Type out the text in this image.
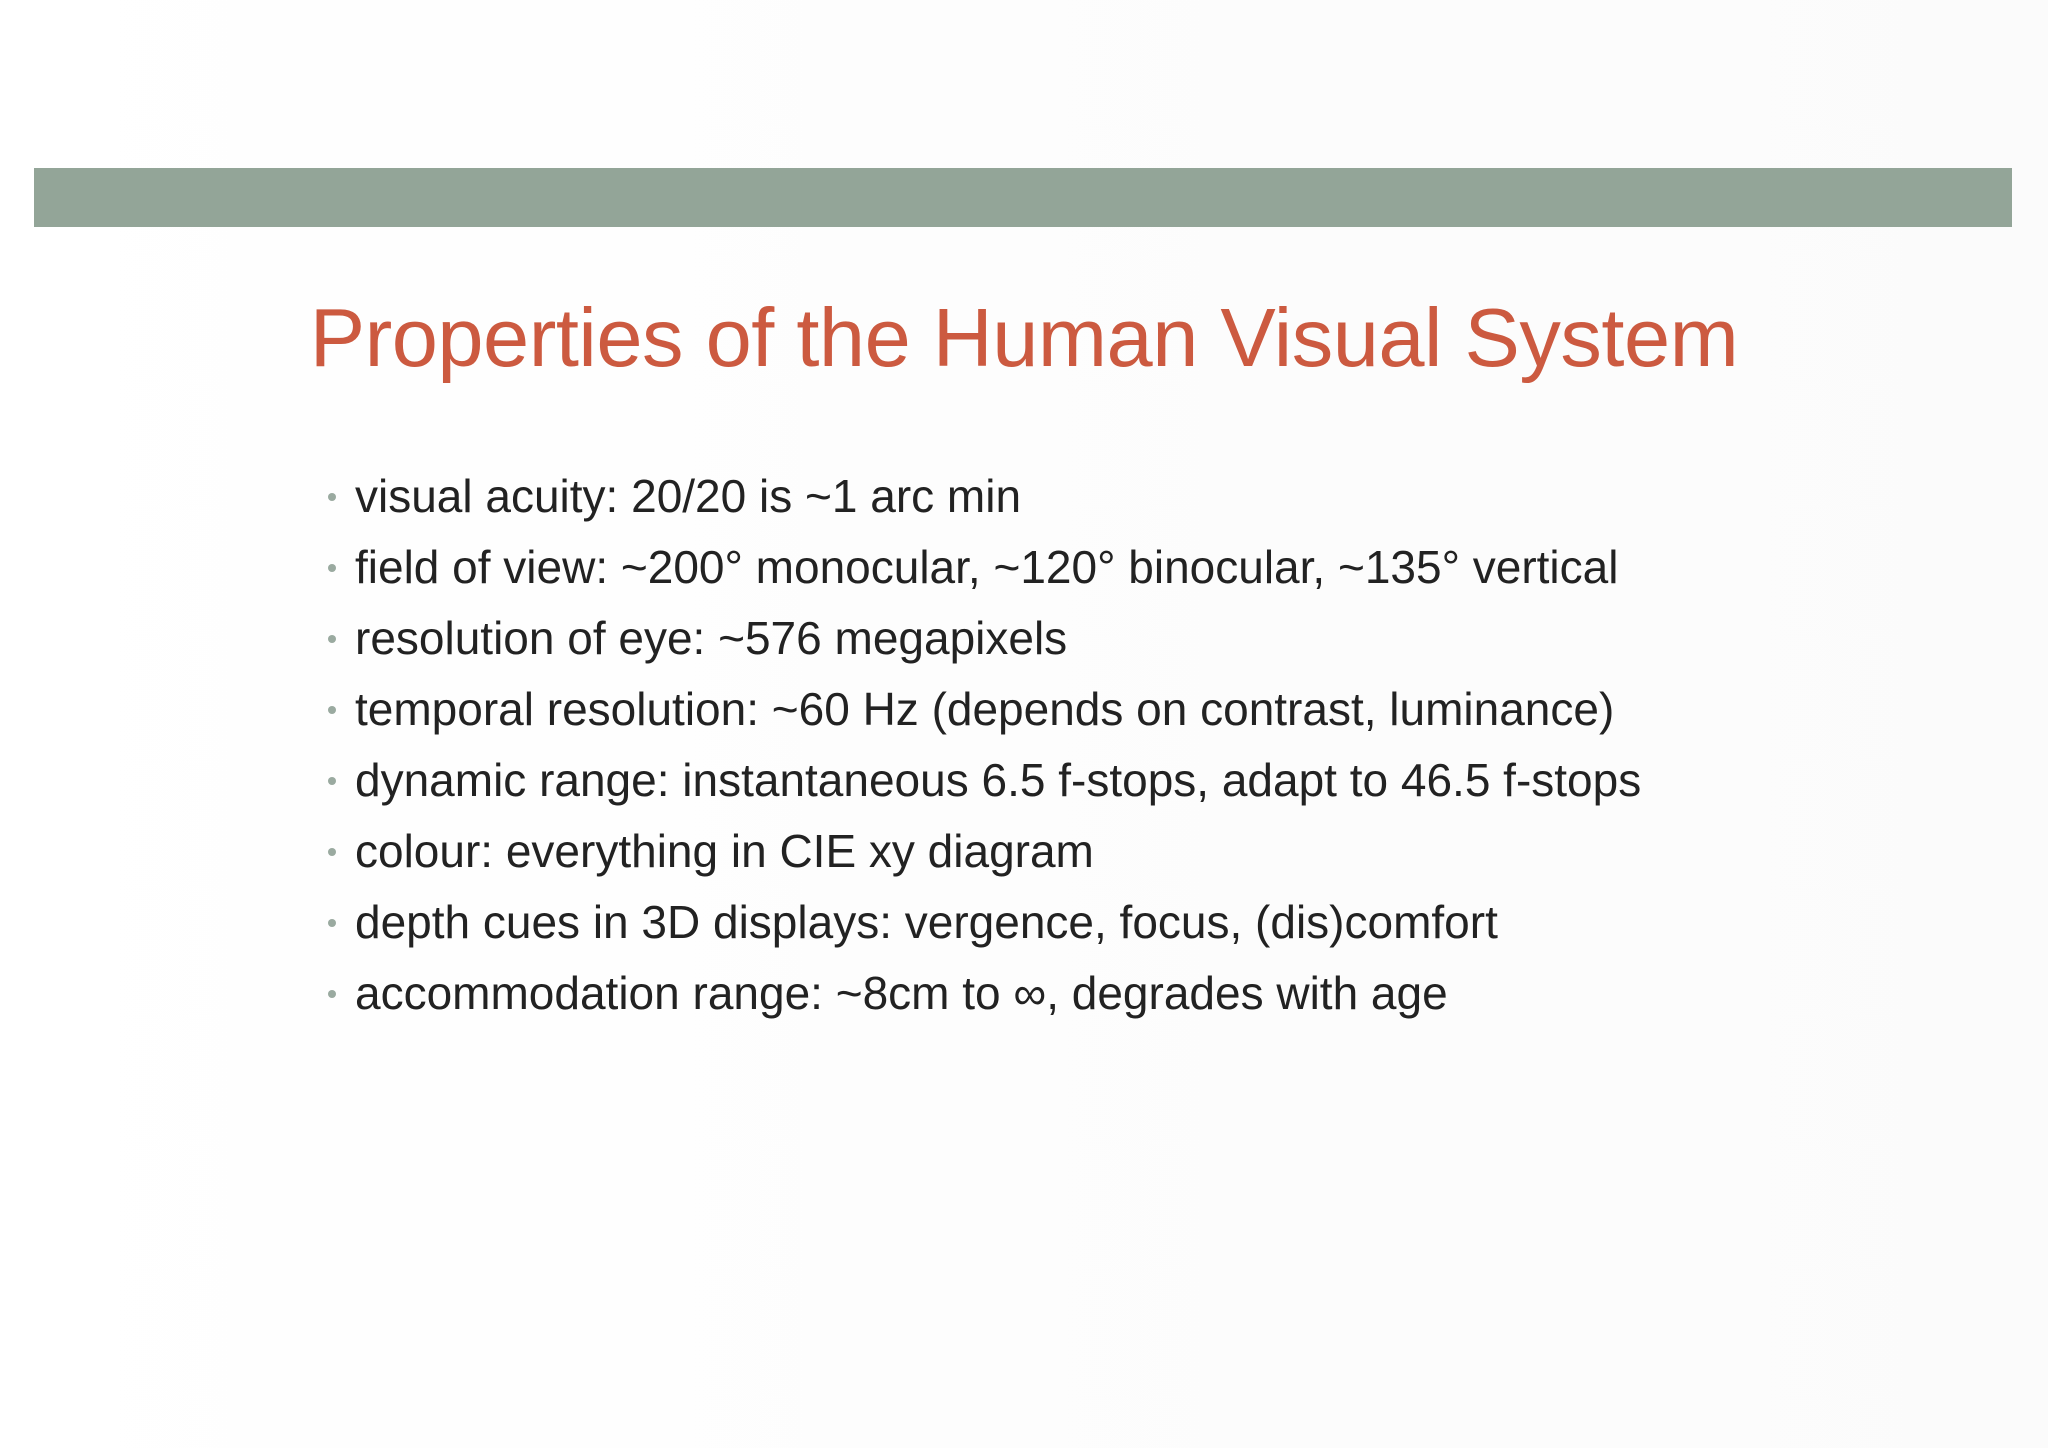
Properties of the Human Visual System
visual acuity: 20/20 is ~1 arc min
field of view: ~200° monocular, ~120° binocular, ~135° vertical
resolution of eye: ~576 megapixels
temporal resolution: ~60 Hz (depends on contrast, luminance)
dynamic range: instantaneous 6.5 f-stops, adapt to 46.5 f-stops
colour: everything in CIE xy diagram
depth cues in 3D displays: vergence, focus, (dis)comfort
accommodation range: ~8cm to ∞, degrades with age
